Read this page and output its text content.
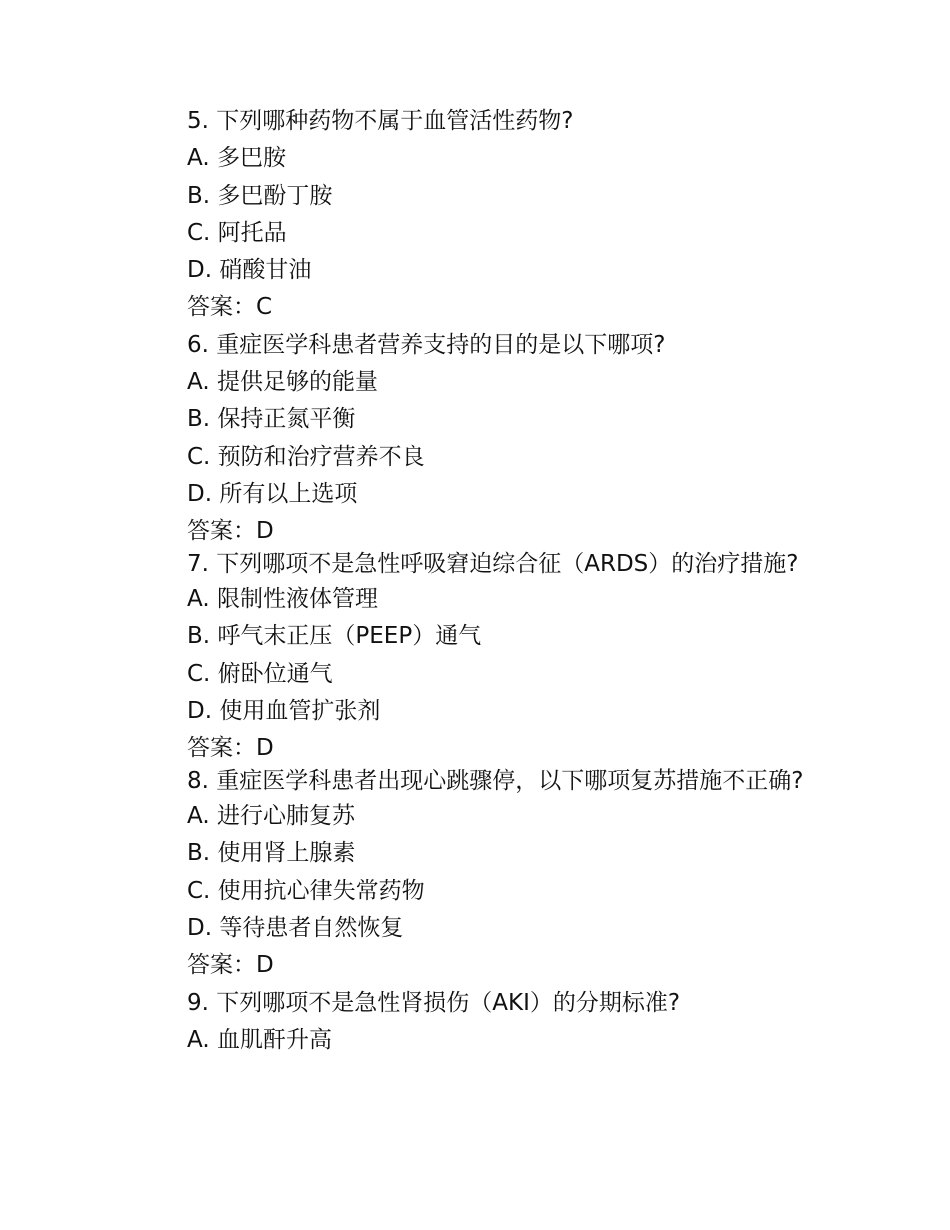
5. 下列哪种药物不属于血管活性药物?
A. 多巴胺
B. 多巴酚丁胺
C. 阿托品
D. 硝酸甘油
答案：C
6. 重症医学科患者营养支持的目的是以下哪项?
A. 提供足够的能量
B. 保持正氮平衡
C. 预防和治疗营养不良
D. 所有以上选项
答案：D
7. 下列哪项不是急性呼吸窘迫综合征（ARDS）的治疗措施?
A. 限制性液体管理
B. 呼气末正压（PEEP）通气
C. 俯卧位通气
D. 使用血管扩张剂
答案：D
8. 重症医学科患者出现心跳骤停，以下哪项复苏措施不正确?
A. 进行心肺复苏
B. 使用肾上腺素
C. 使用抗心律失常药物
D. 等待患者自然恢复
答案：D
9. 下列哪项不是急性肾损伤（AKI）的分期标准?
A. 血肌酐升高
